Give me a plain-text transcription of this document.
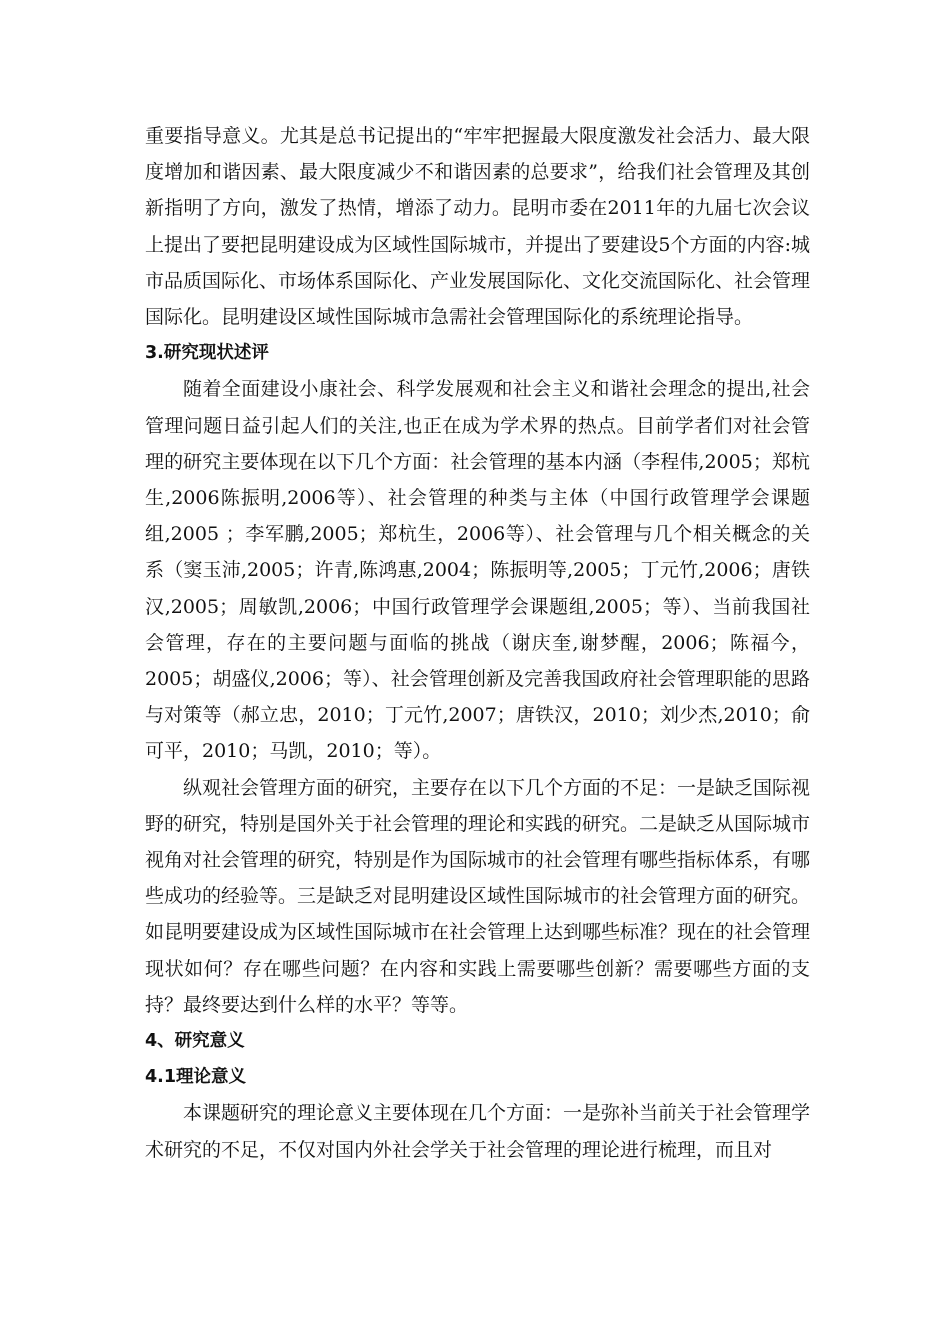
重要指导意义。尤其是总书记提出的“牢牢把握最大限度激发社会活力、最大限度增加和谐因素、最大限度减少不和谐因素的总要求”，给我们社会管理及其创新指明了方向，激发了热情，增添了动力。昆明市委在2011年的九届七次会议上提出了要把昆明建设成为区域性国际城市，并提出了要建设5个方面的内容:城市品质国际化、市场体系国际化、产业发展国际化、文化交流国际化、社会管理国际化。昆明建设区域性国际城市急需社会管理国际化的系统理论指导。

3.研究现状述评

随着全面建设小康社会、科学发展观和社会主义和谐社会理念的提出,社会管理问题日益引起人们的关注,也正在成为学术界的热点。目前学者们对社会管理的研究主要体现在以下几个方面：社会管理的基本内涵（李程伟,2005；郑杭生,2006陈振明,2006等）、社会管理的种类与主体（中国行政管理学会课题组,2005 ；李军鹏,2005；郑杭生，2006等）、社会管理与几个相关概念的关系（窦玉沛,2005；许青,陈鸿惠,2004；陈振明等,2005；丁元竹,2006；唐铁汉,2005；周敏凯,2006；中国行政管理学会课题组,2005；等）、当前我国社会管理，存在的主要问题与面临的挑战（谢庆奎,谢梦醒，2006；陈福今，2005；胡盛仪,2006；等）、社会管理创新及完善我国政府社会管理职能的思路与对策等（郝立忠，2010；丁元竹,2007；唐铁汉，2010；刘少杰,2010；俞可平，2010；马凯，2010；等）。

纵观社会管理方面的研究，主要存在以下几个方面的不足：一是缺乏国际视野的研究，特别是国外关于社会管理的理论和实践的研究。二是缺乏从国际城市视角对社会管理的研究，特别是作为国际城市的社会管理有哪些指标体系，有哪些成功的经验等。三是缺乏对昆明建设区域性国际城市的社会管理方面的研究。如昆明要建设成为区域性国际城市在社会管理上达到哪些标准？现在的社会管理现状如何？存在哪些问题？在内容和实践上需要哪些创新？需要哪些方面的支持？最终要达到什么样的水平？等等。

4、研究意义

4.1理论意义

本课题研究的理论意义主要体现在几个方面：一是弥补当前关于社会管理学术研究的不足，不仅对国内外社会学关于社会管理的理论进行梳理，而且对
